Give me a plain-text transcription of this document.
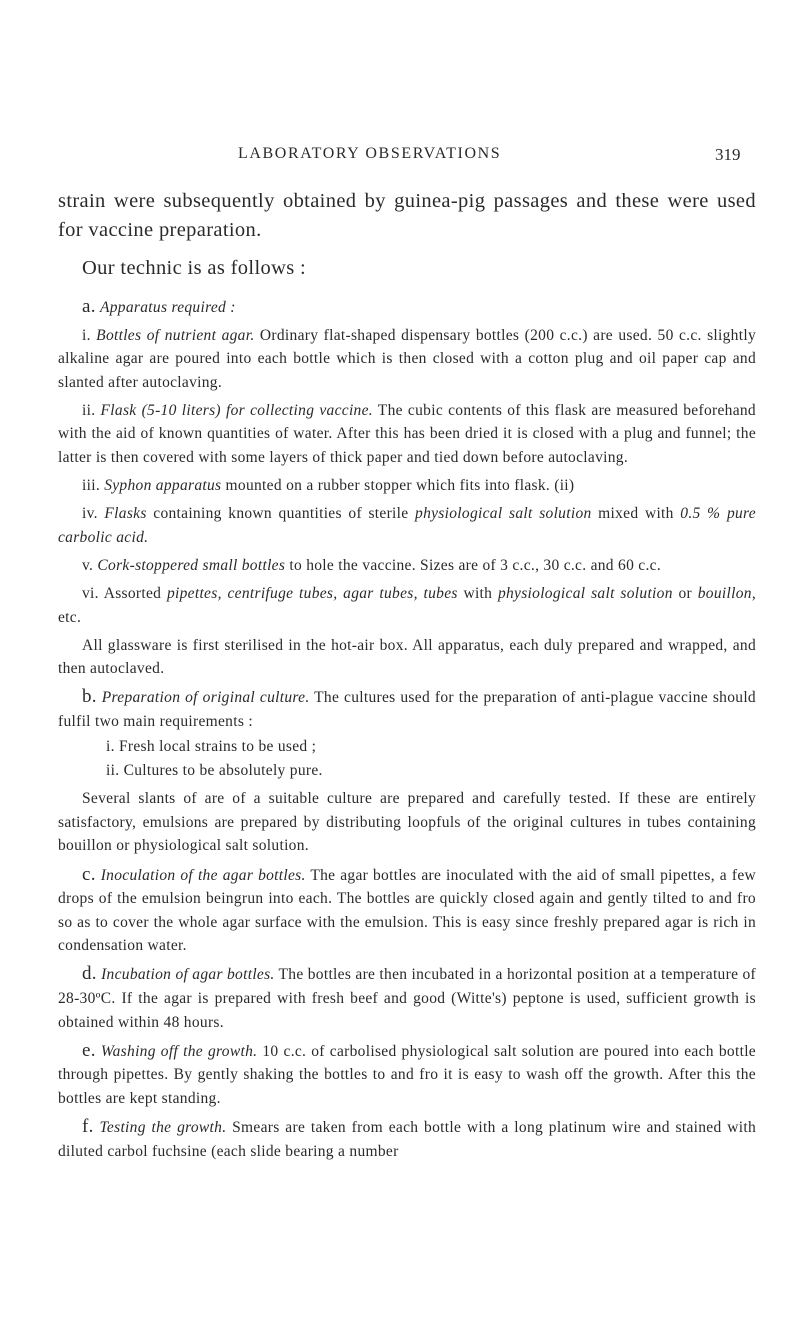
LABORATORY OBSERVATIONS	319

strain were subsequently obtained by guinea-pig passages and these were used for vaccine preparation.

Our technic is as follows :

a. Apparatus required :

i. Bottles of nutrient agar. Ordinary flat-shaped dispensary bottles (200 c.c.) are used. 50 c.c. slightly alkaline agar are poured into each bottle which is then closed with a cotton plug and oil paper cap and slanted after autoclaving.

ii. Flask (5-10 liters) for collecting vaccine. The cubic contents of this flask are measured beforehand with the aid of known quantities of water. After this has been dried it is closed with a plug and funnel; the latter is then covered with some layers of thick paper and tied down before autoclaving.

iii. Syphon apparatus mounted on a rubber stopper which fits into flask. (ii)

iv. Flasks containing known quantities of sterile physiological salt solution mixed with 0.5 % pure carbolic acid.

v. Cork-stoppered small bottles to hole the vaccine. Sizes are of 3 c.c., 30 c.c. and 60 c.c.

vi. Assorted pipettes, centrifuge tubes, agar tubes, tubes with physiological salt solution or bouillon, etc.

All glassware is first sterilised in the hot-air box. All apparatus, each duly prepared and wrapped, and then autoclaved.

b. Preparation of original culture. The cultures used for the preparation of anti-plague vaccine should fulfil two main requirements :

i. Fresh local strains to be used ;

ii. Cultures to be absolutely pure.

Several slants of are of a suitable culture are prepared and carefully tested. If these are entirely satisfactory, emulsions are prepared by distributing loopfuls of the original cultures in tubes containing bouillon or physiological salt solution.

c. Inoculation of the agar bottles. The agar bottles are inoculated with the aid of small pipettes, a few drops of the emulsion beingrun into each. The bottles are quickly closed again and gently tilted to and fro so as to cover the whole agar surface with the emulsion. This is easy since freshly prepared agar is rich in condensation water.

d. Incubation of agar bottles. The bottles are then incubated in a horizontal position at a temperature of 28-30ºC. If the agar is prepared with fresh beef and good (Witte's) peptone is used, sufficient growth is obtained within 48 hours.

e. Washing off the growth. 10 c.c. of carbolised physiological salt solution are poured into each bottle through pipettes. By gently shaking the bottles to and fro it is easy to wash off the growth. After this the bottles are kept standing.

f. Testing the growth. Smears are taken from each bottle with a long platinum wire and stained with diluted carbol fuchsine (each slide bearing a number
